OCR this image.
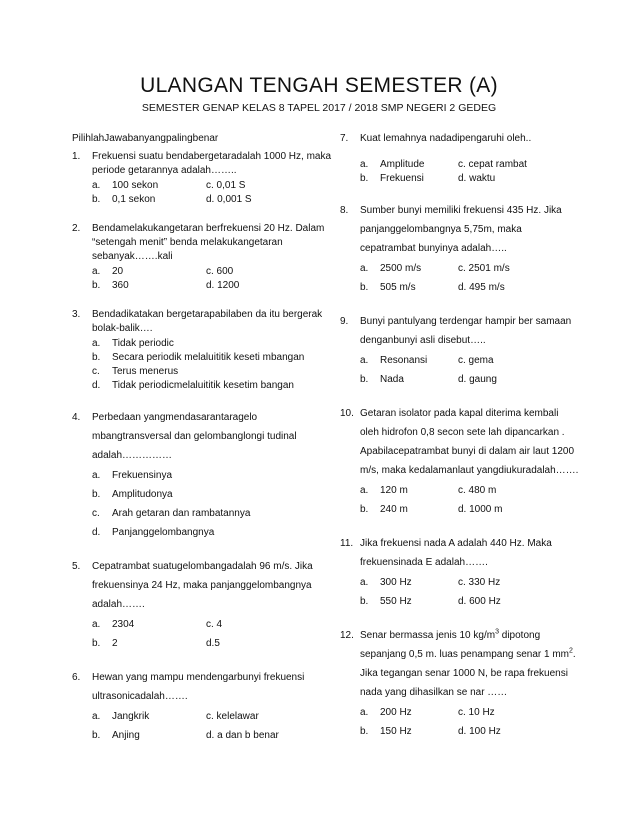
ULANGAN TENGAH SEMESTER (A)
SEMESTER GENAP KELAS 8 TAPEL 2017 / 2018 SMP NEGERI 2 GEDEG
PilihlahJawabanyangpalingbenar
1. Frekuensi suatu bendabergetaradalah 1000 Hz, maka periode getarannya adalah……..
a.	100 sekon	c. 0,01 S
b.	0,1 sekon	d. 0,001 S
2. Bendamelakukangetaran berfrekuensi 20 Hz. Dalam “setengah menit” benda melakukangetaran sebanyak…….kali
a.	20	c. 600
b.	360	d. 1200
3. Bendadikatakan bergetarapabilaben da itu bergerak bolak-balik….
a.	Tidak periodic
b.	Secara periodik melaluititik keseti mbangan
c.	Terus menerus
d.	Tidak periodicmelaluititik kesetim bangan
4. Perbedaan yangmendasarantaragelo mbangtransversal dan gelombanglongi tudinal adalah……………
a.	Frekuensinya
b.	Amplitudonya
c.	Arah getaran dan rambatannya
d.	Panjanggelombangnya
5. Cepatrambat suatugelombangadalah 96 m/s. Jika frekuensinya 24 Hz, maka panjanggelombangnya adalah…….
a.	2304	c. 4
b.	2	d.5
6. Hewan yang mampu mendengarbunyi frekuensi ultrasonicadalah…….
a.	Jangkrik	c. kelelawar
b.	Anjing	d. a dan b benar
7. Kuat lemahnya nadadipengaruhi oleh..
a.	Amplitude	c. cepat rambat
b.	Frekuensi	d. waktu
8. Sumber bunyi memiliki frekuensi 435 Hz. Jika panjanggelombangnya 5,75m, maka cepatrambat bunyinya adalah…..
a.	2500 m/s	c. 2501 m/s
b.	505 m/s	d. 495 m/s
9. Bunyi pantulyang terdengar hampir ber samaan denganbunyi asli disebut…..
a.	Resonansi	c. gema
b.	Nada	d. gaung
10. Getaran isolator pada kapal diterima kembali oleh hidrofon 0,8 secon sete lah dipancarkan . Apabilacepatrambat bunyi di dalam air laut 1200 m/s, maka kedalamanlaut yangdiukuradalah…….
a.	120 m	c. 480 m
b.	240 m	d. 1000 m
11. Jika frekuensi nada A adalah 440 Hz. Maka frekuensinada E adalah…….
a.	300 Hz	c. 330 Hz
b.	550 Hz	d. 600 Hz
12. Senar bermassa jenis 10 $kg/m^3$ dipotong sepanjang 0,5 m. luas penampang senar 1 $mm^2$. Jika tegangan senar 1000 N, be rapa frekuensi nada yang dihasilkan se nar ……
a.	200 Hz	c. 10 Hz
b.	150 Hz	d. 100 Hz
